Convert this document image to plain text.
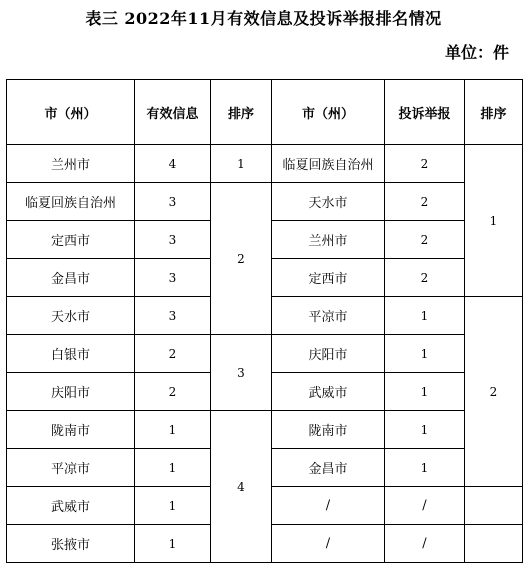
表三 2022年11月有效信息及投诉举报排名情况
单位：件
市（州）	有效信息	排序	市（州）	投诉举报	排序
兰州市	4	1	临夏回族自治州	2	1
临夏回族自治州	3	2	天水市	2	
定西市	3		兰州市	2	
金昌市	3		定西市	2	
天水市	3		平凉市	1	2
白银市	2	3	庆阳市	1	
庆阳市	2		武威市	1	
陇南市	1	4	陇南市	1	
平凉市	1		金昌市	1	
武威市	1		/	/	
张掖市	1		/	/	
